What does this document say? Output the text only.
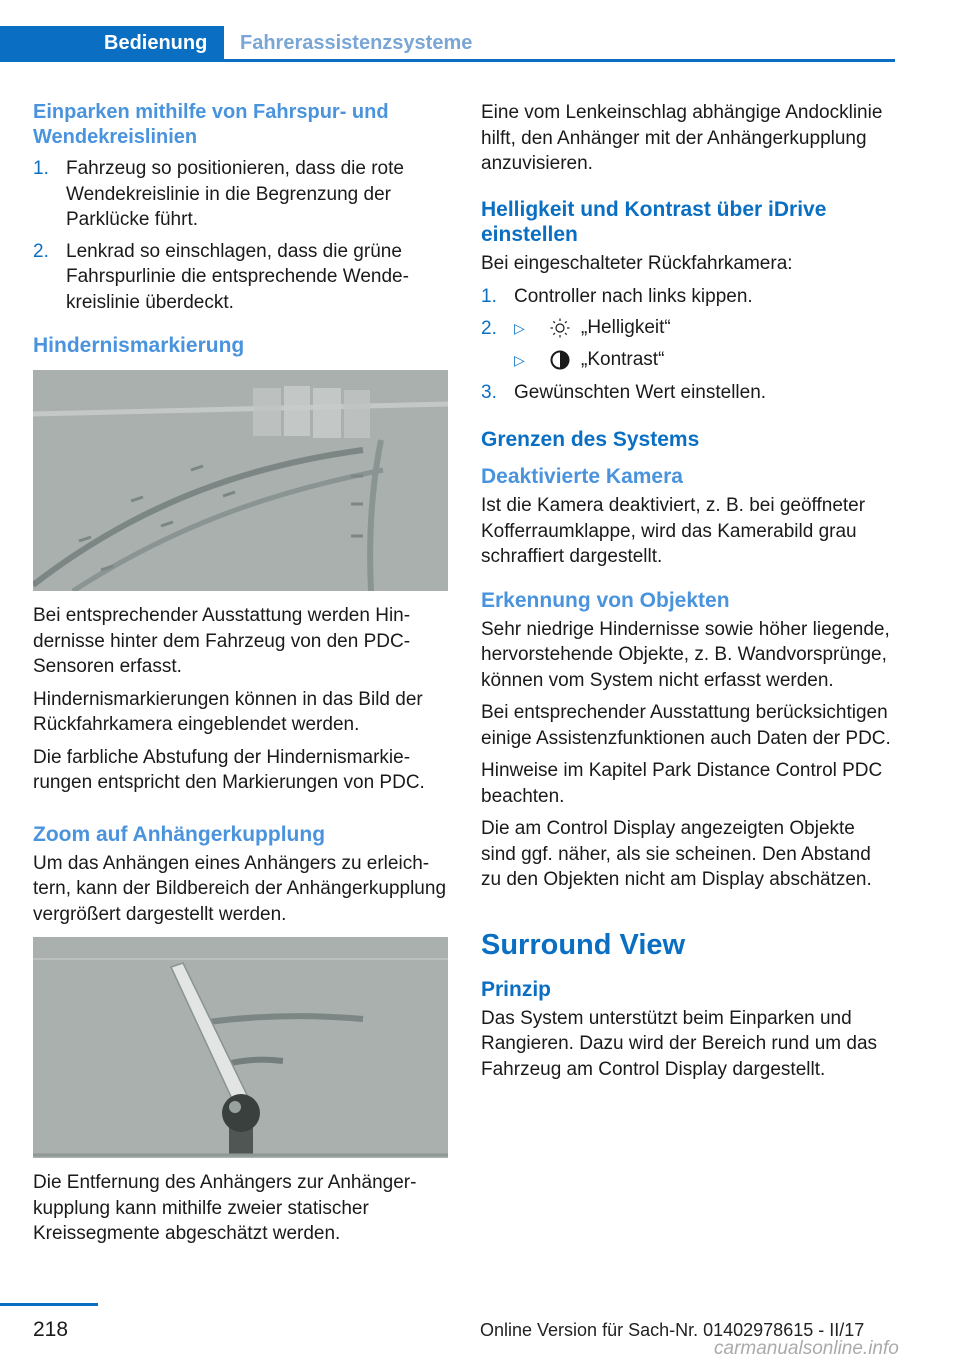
Bedienung	Fahrerassistenzsysteme
Einparken mithilfe von Fahrspur- und Wendekreislinien
1. Fahrzeug so positionieren, dass die rote Wendekreislinie in die Begrenzung der Parklücke führt.
2. Lenkrad so einschlagen, dass die grüne Fahrspurlinie die entsprechende Wendekreislinie überdeckt.
Hindernismarkierung

Bei entsprechender Ausstattung werden Hindernisse hinter dem Fahrzeug von den PDC-Sensoren erfasst.

Hindernismarkierungen können in das Bild der Rückfahrkamera eingeblendet werden.

Die farbliche Abstufung der Hindernismarkierungen entspricht den Markierungen von PDC.

Zoom auf Anhängerkupplung

Um das Anhängen eines Anhängers zu erleichtern, kann der Bildbereich der Anhängerkupplung vergrößert dargestellt werden.

Die Entfernung des Anhängers zur Anhängerkupplung kann mithilfe zweier statischer Kreissegmente abgeschätzt werden.

Eine vom Lenkeinschlag abhängige Andocklinie hilft, den Anhänger mit der Anhängerkupplung anzuvisieren.

Helligkeit und Kontrast über iDrive einstellen

Bei eingeschalteter Rückfahrkamera:

1. Controller nach links kippen.
2. ▷	„Helligkeit“
▷	„Kontrast“
3. Gewünschten Wert einstellen.
Grenzen des Systems
Deaktivierte Kamera

Ist die Kamera deaktiviert, z. B. bei geöffneter Kofferraumklappe, wird das Kamerabild grau schraffiert dargestellt.

Erkennung von Objekten

Sehr niedrige Hindernisse sowie höher liegende, hervorstehende Objekte, z. B. Wandvorsprünge, können vom System nicht erfasst werden.

Bei entsprechender Ausstattung berücksichtigen einige Assistenzfunktionen auch Daten der PDC.

Hinweise im Kapitel Park Distance Control PDC beachten.

Die am Control Display angezeigten Objekte sind ggf. näher, als sie scheinen. Den Abstand zu den Objekten nicht am Display abschätzen.

Surround View
Prinzip

Das System unterstützt beim Einparken und Rangieren. Dazu wird der Bereich rund um das Fahrzeug am Control Display dargestellt.

218	Online Version für Sach-Nr. 01402978615 - II/17
carmanualsonline.info
